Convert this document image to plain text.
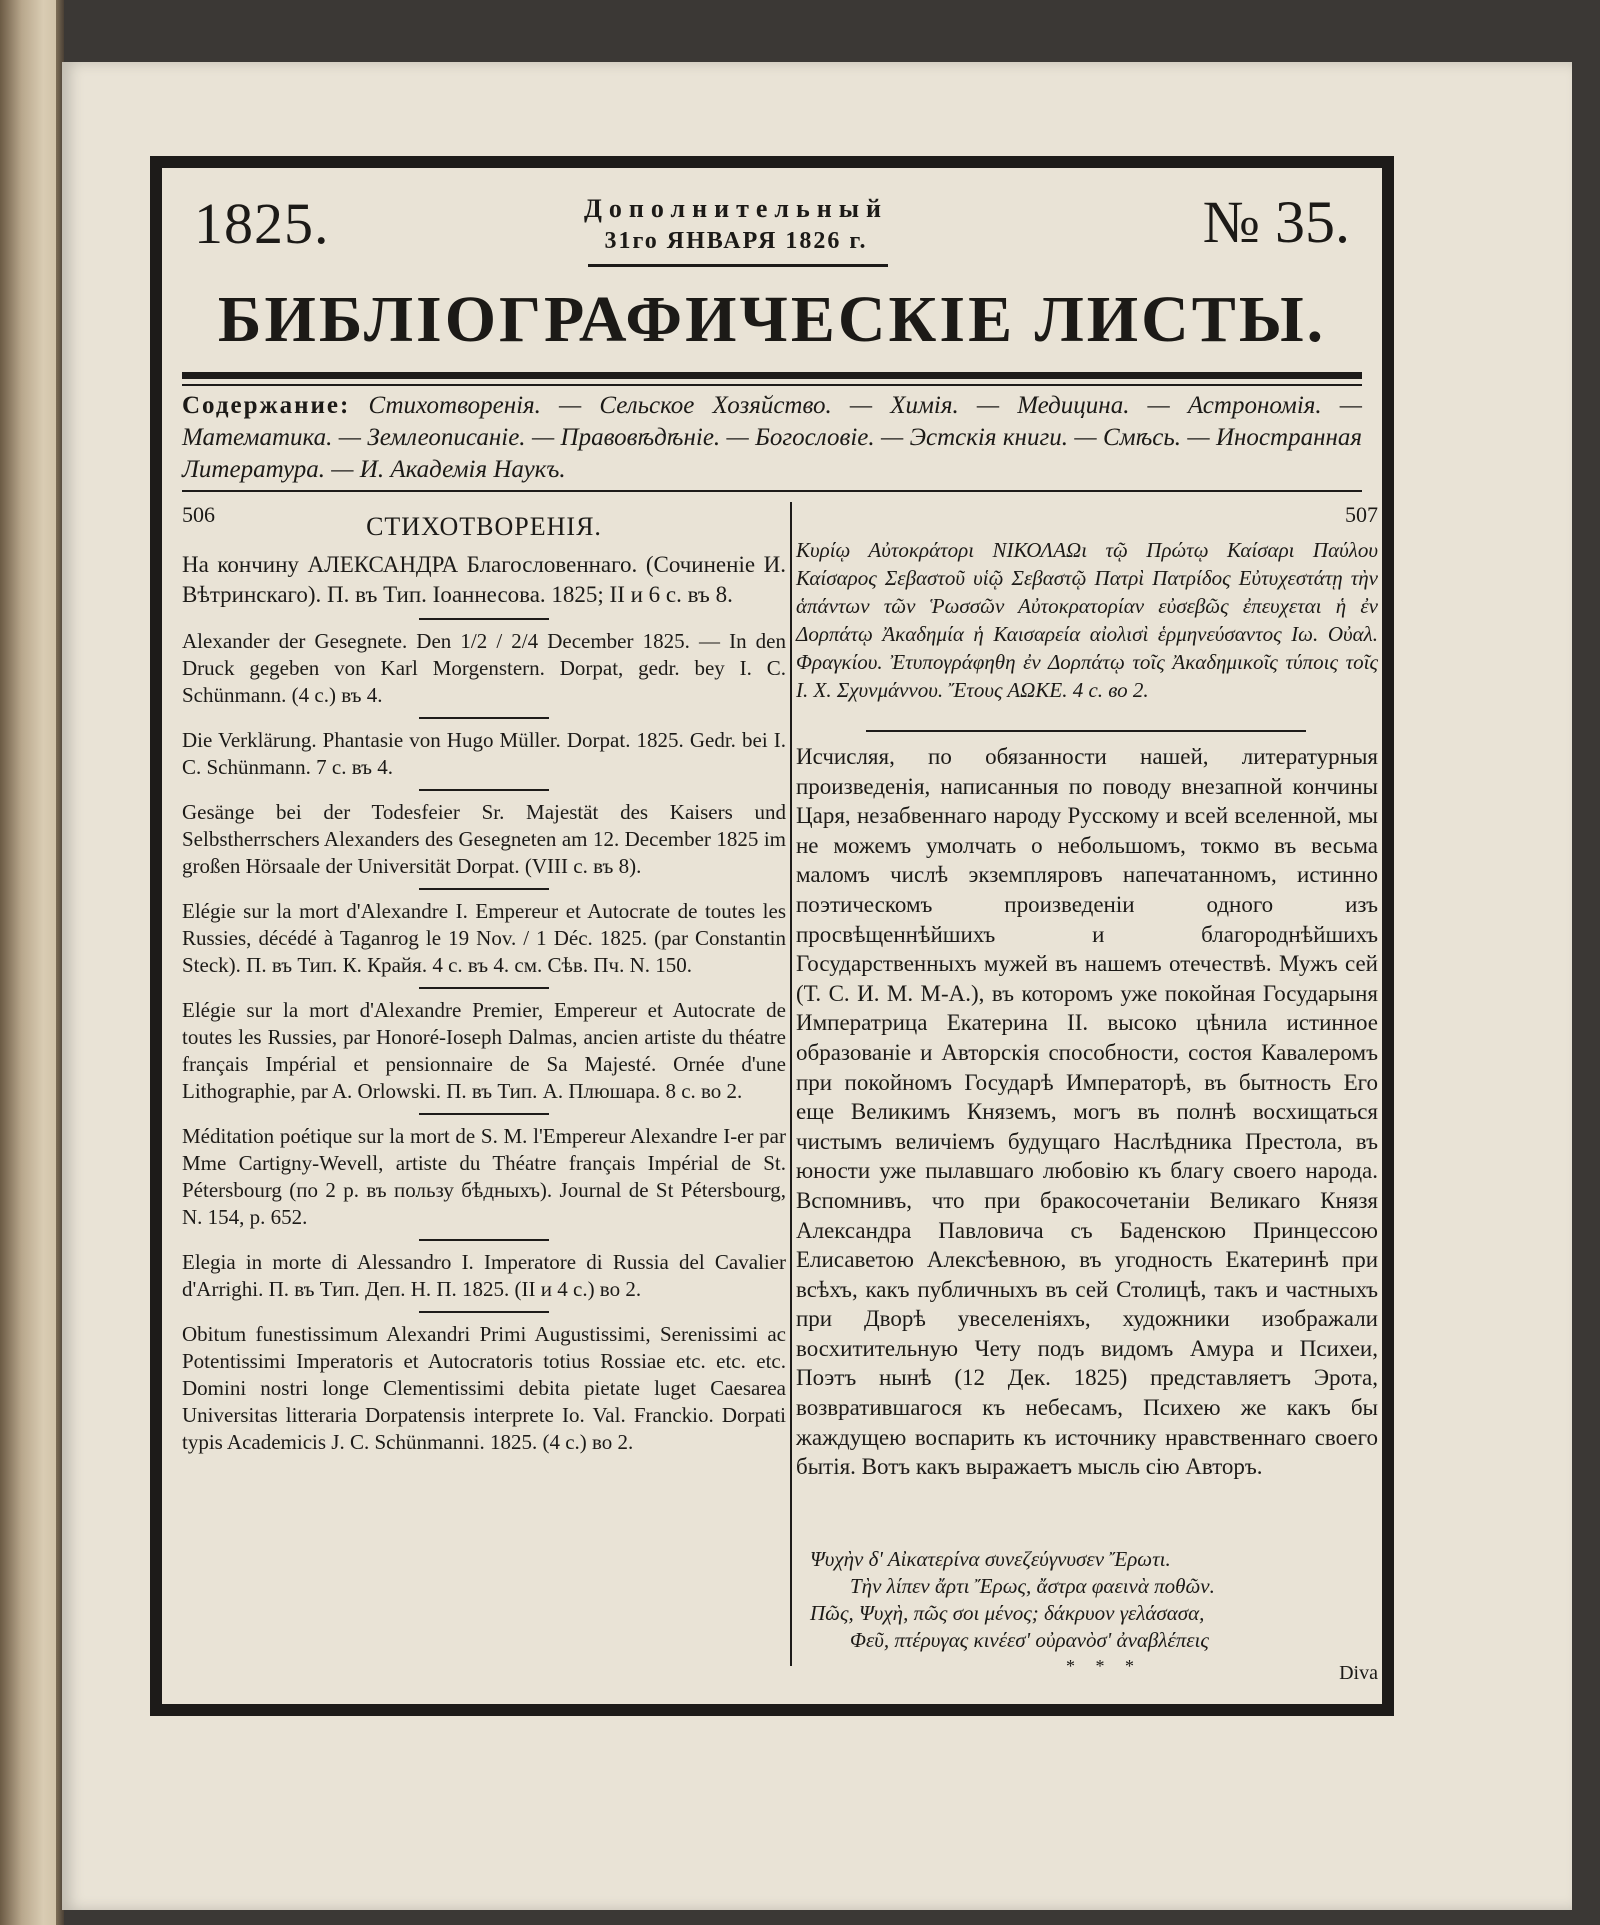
1825.	Дополнительный
31го ЯНВАРЯ 1826 г.	№ 35.
БИБЛIОГРАФИЧЕСКIЕ ЛИСТЫ.
Содержание: Стихотворенiя. — Сельское Хозяйство. — Химiя. — Медицина. — Астрономiя. — Математика. — Землеописанiе. — Правовѣдѣнiе. — Богословiе. — Эстскiя книги. — Смѣсь. — Иностранная Литература. — И. Академiя Наукъ.
506	СТИХОТВОРЕНIЯ.
На кончину АЛЕКСАНДРА Благословеннаго. (Сочиненiе И. Вѣтринскаго). П. въ Тип. Iоаннесова. 1825; II и 6 с. въ 8.
Alexander der Gesegnete. Den 1/2 / 2/4 December 1825. — In den Druck gegeben von Karl Morgenstern. Dorpat, gedr. bey I. C. Schünmann. (4 с.) въ 4.
Die Verklärung. Phantasie von Hugo Müller. Dorpat. 1825. Gedr. bei I. C. Schünmann. 7 с. въ 4.
Gesänge bei der Todesfeier Sr. Majestät des Kaisers und Selbstherrschers Alexanders des Gesegneten am 12. December 1825 im großen Hörsaale der Universität Dorpat. (VIII с. въ 8).
Elégie sur la mort d'Alexandre I. Empereur et Autocrate de toutes les Russies, décédé à Taganrog le 19 Nov. / 1 Déc. 1825. (par Constantin Steck). П. въ Тип. К. Крайя. 4 с. въ 4. см. Сѣв. Пч. N. 150.
Elégie sur la mort d'Alexandre Premier, Empereur et Autocrate de toutes les Russies, par Honoré-Ioseph Dalmas, ancien artiste du théatre français Impérial et pensionnaire de Sa Majesté. Ornée d'une Lithographie, par A. Orlowski. П. въ Тип. А. Плюшара. 8 с. во 2.
Méditation poétique sur la mort de S. M. l'Empereur Alexandre I-er par Mme Cartigny-Wevell, artiste du Théatre français Impérial de St. Pétersbourg (по 2 р. въ пользу бѣдныхъ). Journal de St Pétersbourg, N. 154, p. 652.
Elegia in morte di Alessandro I. Imperatore di Russia del Cavalier d'Arrighi. П. въ Тип. Деп. Н. П. 1825. (II и 4 с.) во 2.
Obitum funestissimum Alexandri Primi Augustissimi, Serenissimi ac Potentissimi Imperatoris et Autocratoris totius Rossiae etc. etc. etc. Domini nostri longe Clementissimi debita pietate luget Caesarea Universitas litteraria Dorpatensis interprete Io. Val. Franckio. Dorpati typis Academicis J. C. Schünmanni. 1825. (4 с.) во 2.
507
Κυρίῳ Αὐτοκράτορι ΝΙΚΟΛΑΩι τῷ Πρώτῳ Καίσαρι Παύλου Καίσαρος Σεβαστοῦ υἱῷ Σεβαστῷ Πατρὶ Πατρίδος Εὐτυχεστάτῃ τὴν ἁπάντων τῶν Ῥωσσῶν Αὐτοκρατορίαν εὐσεβῶς ἐπευχεται ἡ ἐν Δορπάτῳ Ἀκαδημία ἡ Καισαρεία αἰολισὶ ἑρμηνεύσαντος Ιω. Οὐαλ. Φραγκίου. Ἐτυπογράφηθη ἐν Δορπάτῳ τοῖς Ἀκαδημικοῖς τύποις τοῖς I. X. Σχυνμάννου. Ἔτους ΑΩΚΕ. 4 с. во 2.
Исчисляя, по обязанности нашей, литературныя произведенiя, написанныя по поводу внезапной кончины Царя, незабвеннаго народу Русскому и всей вселенной, мы не можемъ умолчать о небольшомъ, токмо въ весьма маломъ числѣ экземпляровъ напечатанномъ, истинно поэтическомъ произведенiи одного изъ просвѣщеннѣйшихъ и благороднѣйшихъ Государственныхъ мужей въ нашемъ отечествѣ. Мужъ сей (Т. С. И. М. М-А.), въ которомъ уже покойная Государыня Императрица Екатерина II. высоко цѣнила истинное образованiе и Авторскiя способности, состоя Кавалеромъ при покойномъ Государѣ Императорѣ, въ бытность Его еще Великимъ Княземъ, могъ въ полнѣ восхищаться чистымъ величiемъ будущаго Наслѣдника Престола, въ юности уже пылавшаго любовiю къ благу своего народа. Вспомнивъ, что при бракосочетанiи Великаго Князя Александра Павловича съ Баденскою Принцессою Елисаветою Алексѣевною, въ угодность Екатеринѣ при всѣхъ, какъ публичныхъ въ сей Столицѣ, такъ и частныхъ при Дворѣ увеселенiяхъ, художники изображали восхитительную Чету подъ видомъ Амура и Психеи, Поэтъ нынѣ (12 Дек. 1825) представляетъ Эрота, возвратившагося къ небесамъ, Психею же какъ бы жаждущею воспарить къ источнику нравственнаго своего бытiя. Вотъ какъ выражаетъ мысль сiю Авторъ.
Ψυχὴν δ' Αἰκατερίνα συνεζεύγνυσεν Ἔρωτι.
Τὴν λίπεν ἄρτι Ἔρως, ἄστρα φαεινὰ ποθῶν.
Πῶς, Ψυχὴ, πῶς σοι μένος; δάκρυον γελάσασα,
Φεῦ, πτέρυγας κινέεσ' οὐρανὸσ' ἀναβλέπεις
* * *	Diva
